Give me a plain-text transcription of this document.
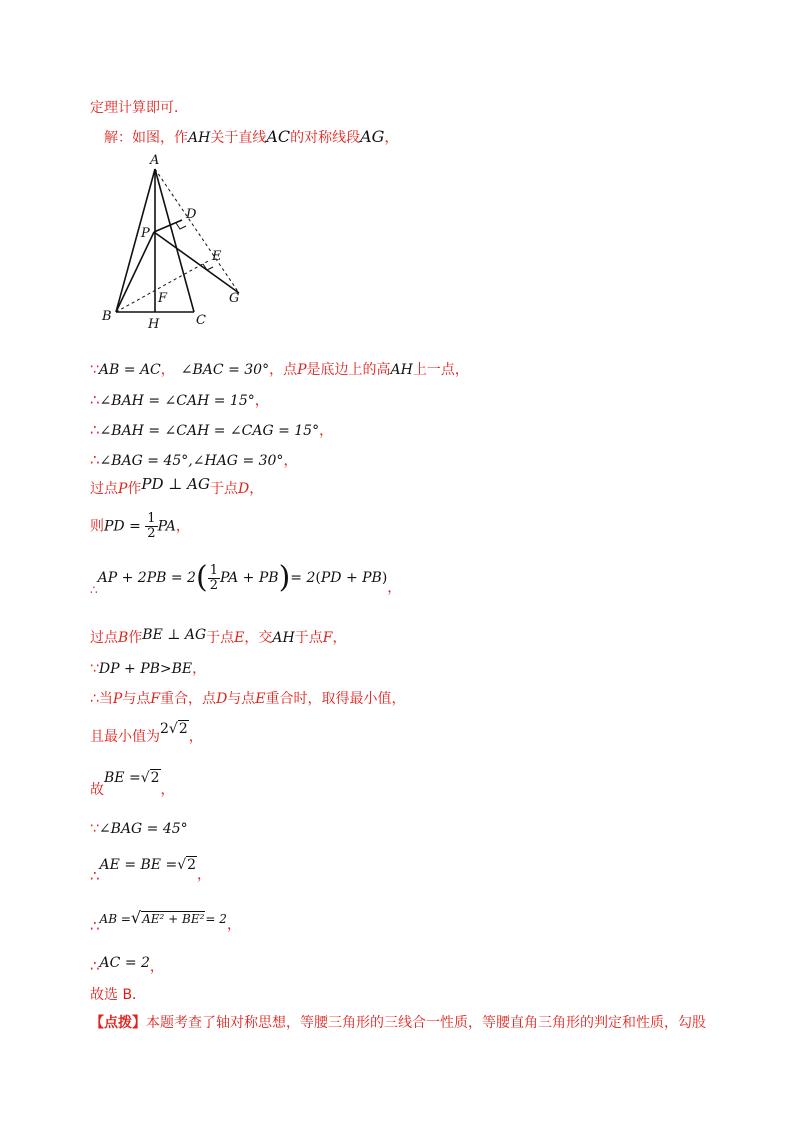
定理计算即可．
解：如图，作AH关于直线AC的对称线段AG，
A
B	C
D
E
F	G
H
P
∵AB = AC， ∠BAC = 30°，点P是底边上的高AH上一点，
∴∠BAH = ∠CAH = 15°，
∴∠BAH = ∠CAH = ∠CAG = 15°，
∴∠BAG = 45°,∠HAG = 30°，
过点P作PD ⊥ AG于点D，
则PD = $\frac{1}{2}$ PA，
∴AP + $2PB = 2( \frac{1}{2}$ PA + PB)= 2(PD + PB)，
过点B作BE ⊥ AG于点E，交AH于点F，
∵DP + PB>BE，
∴当P与点F重合，点D与点E重合时，取得最小值，
且最小值为2√2，
故BE =√2，
∵∠BAG = 45°
∴AE = BE =√2，
∴AB =√AE² + BE²= 2，
∴AC = 2，
故选 B．
【点拨】本题考查了轴对称思想，等腰三角形的三线合一性质，等腰直角三角形的判定和性质，勾股
